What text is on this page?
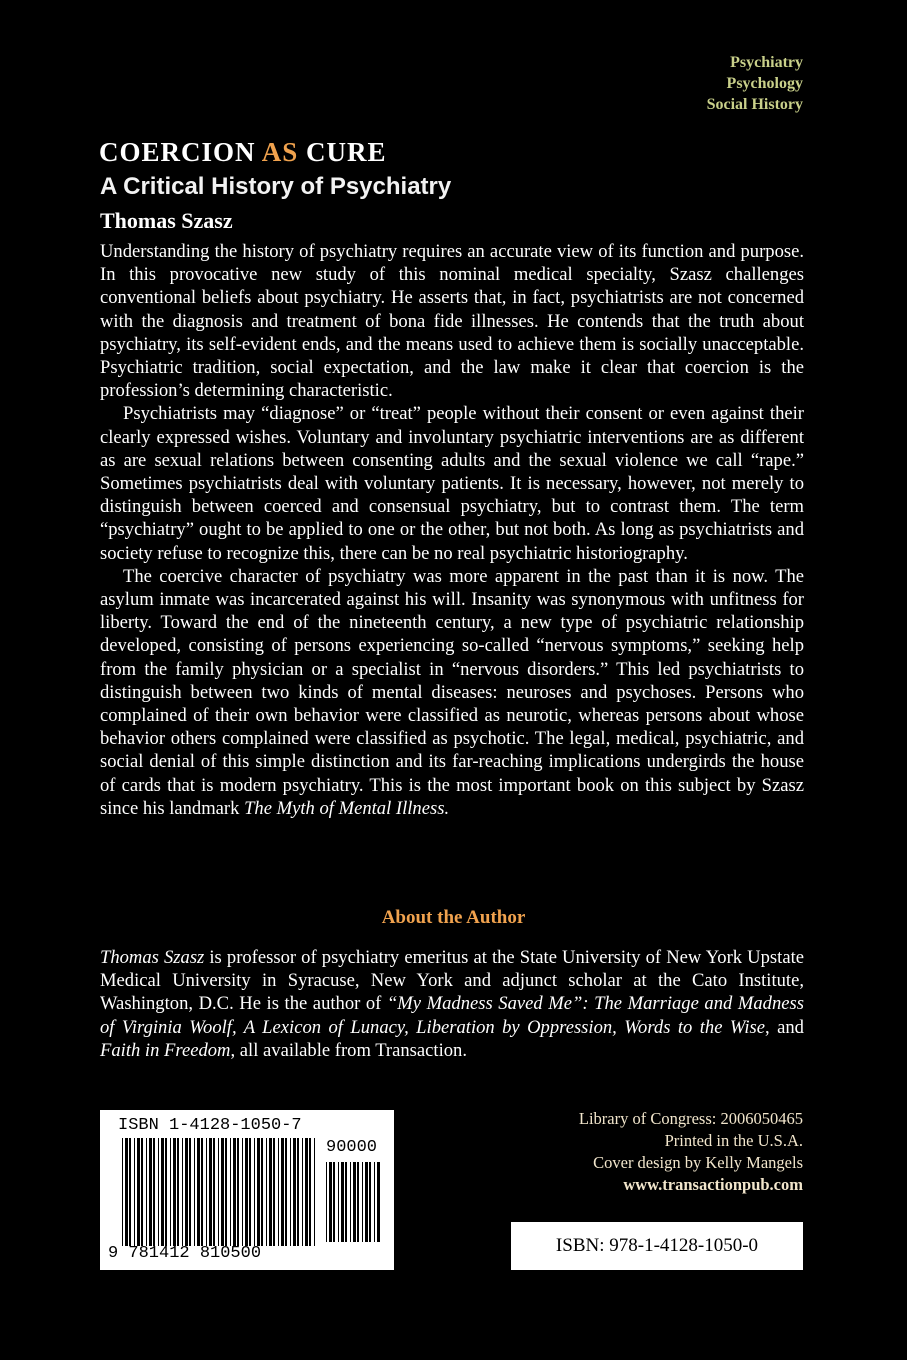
Psychiatry
Psychology
Social History
COERCION AS CURE
A Critical History of Psychiatry
Thomas Szasz

Understanding the history of psychiatry requires an accurate view of its function and purpose. In this provocative new study of this nominal medical specialty, Szasz challenges conventional beliefs about psychiatry. He asserts that, in fact, psychiatrists are not concerned with the diagnosis and treatment of bona fide illnesses. He contends that the truth about psychiatry, its self-evident ends, and the means used to achieve them is socially unacceptable. Psychiatric tradition, social expectation, and the law make it clear that coercion is the profession’s determining characteristic.

Psychiatrists may “diagnose” or “treat” people without their consent or even against their clearly expressed wishes. Voluntary and involuntary psychiatric interventions are as different as are sexual relations between consenting adults and the sexual violence we call “rape.” Sometimes psychiatrists deal with voluntary patients. It is necessary, however, not merely to distinguish between coerced and consensual psychiatry, but to contrast them. The term “psychiatry” ought to be applied to one or the other, but not both. As long as psychiatrists and society refuse to recognize this, there can be no real psychiatric historiography.

The coercive character of psychiatry was more apparent in the past than it is now. The asylum inmate was incarcerated against his will. Insanity was synonymous with unfitness for liberty. Toward the end of the nineteenth century, a new type of psychiatric relationship developed, consisting of persons experiencing so-called “nervous symptoms,” seeking help from the family physician or a specialist in “nervous disorders.” This led psychiatrists to distinguish between two kinds of mental diseases: neuroses and psychoses. Persons who complained of their own behavior were classified as neurotic, whereas persons about whose behavior others complained were classified as psychotic. The legal, medical, psychiatric, and social denial of this simple distinction and its far-reaching implications undergirds the house of cards that is modern psychiatry. This is the most important book on this subject by Szasz since his landmark The Myth of Mental Illness.

About the Author
Thomas Szasz is professor of psychiatry emeritus at the State University of New York Upstate Medical University in Syracuse, New York and adjunct scholar at the Cato Institute, Washington, D.C. He is the author of “My Madness Saved Me”: The Marriage and Madness of Virginia Woolf, A Lexicon of Lunacy, Liberation by Oppression, Words to the Wise, and Faith in Freedom, all available from Transaction.
ISBN 1-4128-1050-7
9 781412 810500
90000
Library of Congress: 2006050465
Printed in the U.S.A.
Cover design by Kelly Mangels
www.transactionpub.com
ISBN: 978-1-4128-1050-0
